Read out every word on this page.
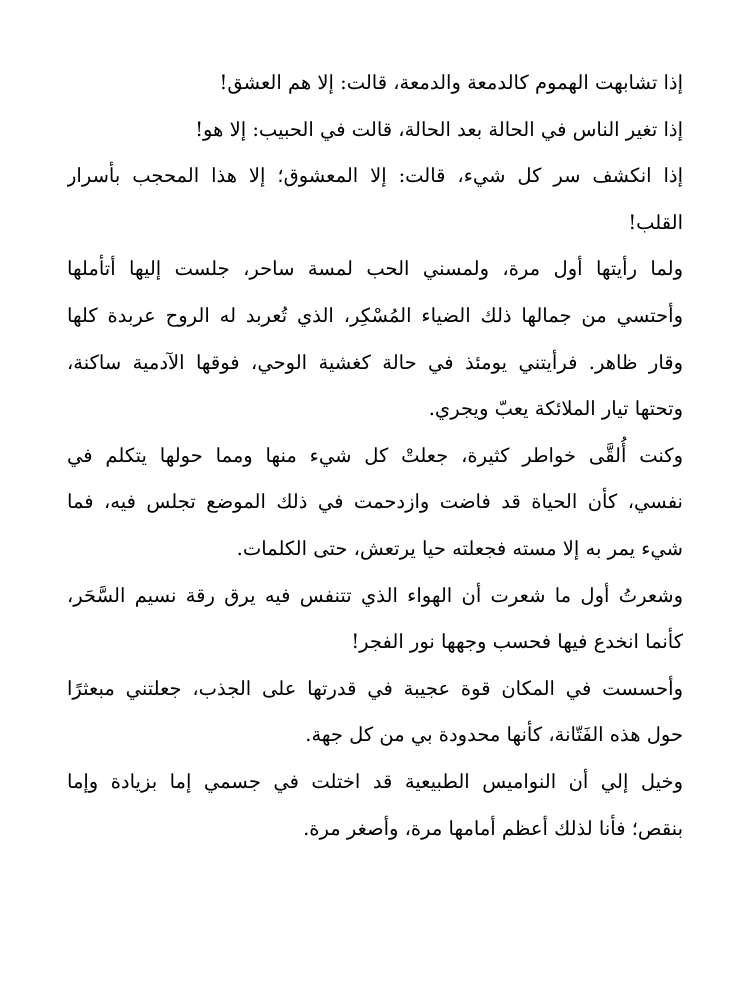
إذا تشابهت الهموم كالدمعة والدمعة، قالت: إلا هم العشق!
إذا تغير الناس في الحالة بعد الحالة، قالت في الحبيب: إلا هو!
إذا انكشف سر كل شيء، قالت: إلا المعشوق؛ إلا هذا المحجب بأسرار
القلب!
ولما رأيتها أول مرة، ولمسني الحب لمسة ساحر، جلست إليها أتأملها
وأحتسي من جمالها ذلك الضياء المُسْكِر، الذي تُعربد له الروح عربدة كلها
وقار ظاهر. فرأيتني يومئذ في حالة كغشية الوحي، فوقها الآدمية ساكنة،
وتحتها تيار الملائكة يعبّ ويجري.
وكنت أُلقَّى خواطر كثيرة، جعلتْ كل شيء منها ومما حولها يتكلم في
نفسي، كأن الحياة قد فاضت وازدحمت في ذلك الموضع تجلس فيه، فما
شيء يمر به إلا مسته فجعلته حيا يرتعش، حتى الكلمات.
وشعرتُ أول ما شعرت أن الهواء الذي تتنفس فيه يرق رقة نسيم السَّحَر،
كأنما انخدع فيها فحسب وجهها نور الفجر!
وأحسست في المكان قوة عجيبة في قدرتها على الجذب، جعلتني مبعثرًا
حول هذه الفَتّانة، كأنها محدودة بي من كل جهة.
وخيل إلي أن النواميس الطبيعية قد اختلت في جسمي إما بزيادة وإما
بنقص؛ فأنا لذلك أعظم أمامها مرة، وأصغر مرة.
